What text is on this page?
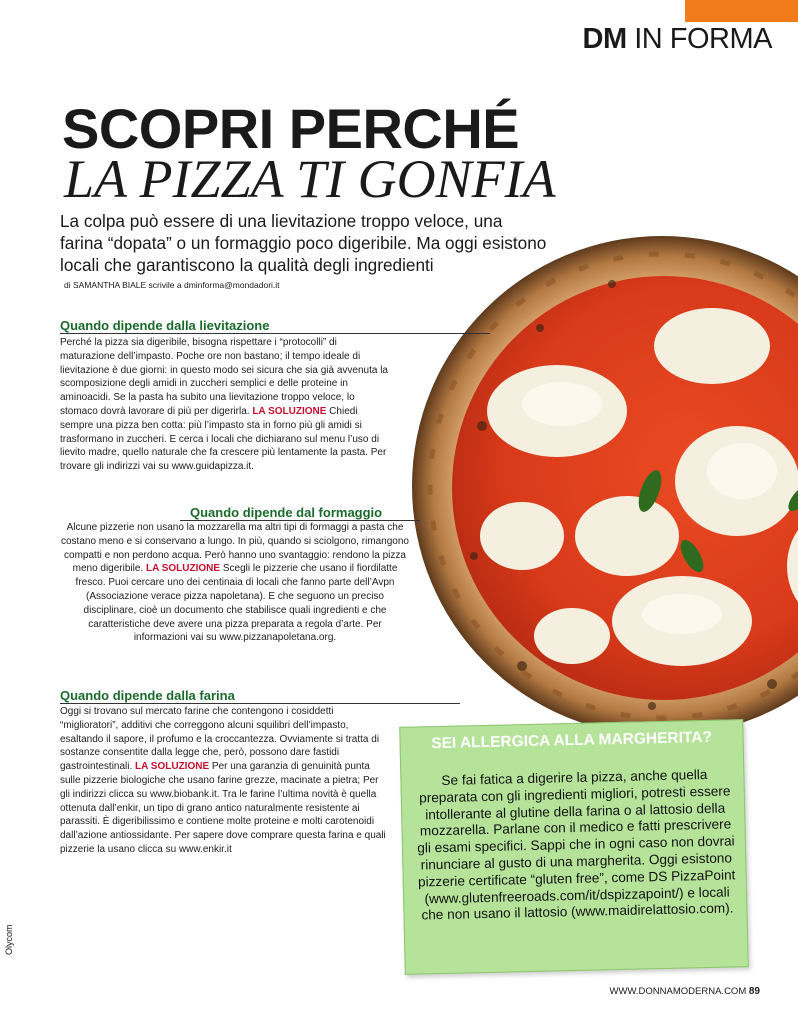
DM IN FORMA
SCOPRI PERCHÉ
LA PIZZA TI GONFIA
La colpa può essere di una lievitazione troppo veloce, una farina “dopata” o un formaggio poco digeribile. Ma oggi esistono locali che garantiscono la qualità degli ingredienti
di SAMANTHA BIALE scrivile a dminforma@mondadori.it
Quando dipende dalla lievitazione
Perché la pizza sia digeribile, bisogna rispettare i “protocolli” di maturazione dell’impasto. Poche ore non bastano; il tempo ideale di lievitazione è due giorni: in questo modo sei sicura che sia già avvenuta la scomposizione degli amidi in zuccheri semplici e delle proteine in aminoacidi. Se la pasta ha subito una lievitazione troppo veloce, lo stomaco dovrà lavorare di più per digerirla. LA SOLUZIONE Chiedi sempre una pizza ben cotta: più l’impasto sta in forno più gli amidi si trasformano in zuccheri. E cerca i locali che dichiarano sul menu l’uso di lievito madre, quello naturale che fa crescere più lentamente la pasta. Per trovare gli indirizzi vai su www.guidapizza.it.
Quando dipende dal formaggio
Alcune pizzerie non usano la mozzarella ma altri tipi di formaggi a pasta che costano meno e si conservano a lungo. In più, quando si sciolgono, rimangono compatti e non perdono acqua. Però hanno uno svantaggio: rendono la pizza meno digeribile. LA SOLUZIONE Scegli le pizzerie che usano il fiordilatte fresco. Puoi cercare uno dei centinaia di locali che fanno parte dell’Avpn (Associazione verace pizza napoletana). E che seguono un preciso disciplinare, cioè un documento che stabilisce quali ingredienti e che caratteristiche deve avere una pizza preparata a regola d’arte. Per informazioni vai su www.pizzanapoletana.org.
Quando dipende dalla farina
Oggi si trovano sul mercato farine che contengono i cosiddetti “miglioratori”, additivi che correggono alcuni squilibri dell’impasto, esaltando il sapore, il profumo e la croccantezza. Ovviamente si tratta di sostanze consentite dalla legge che, però, possono dare fastidi gastrointestinali. LA SOLUZIONE Per una garanzia di genuinità punta sulle pizzerie biologiche che usano farine grezze, macinate a pietra; Per gli indirizzi clicca su www.biobank.it. Tra le farine l’ultima novità è quella ottenuta dall’enkir, un tipo di grano antico naturalmente resistente ai parassiti. È digeribilissimo e contiene molte proteine e molti carotenoidi dall’azione antiossidante. Per sapere dove comprare questa farina e quali pizzerie la usano clicca su www.enkir.it
SEI ALLERGICA ALLA MARGHERITA?
Se fai fatica a digerire la pizza, anche quella preparata con gli ingredienti migliori, potresti essere intollerante al glutine della farina o al lattosio della mozzarella. Parlane con il medico e fatti prescrivere gli esami specifici. Sappi che in ogni caso non dovrai rinunciare al gusto di una margherita. Oggi esistono pizzerie certificate “gluten free”, come DS PizzaPoint (www.glutenfreeroads.com/it/dspizzapoint/) e locali che non usano il lattosio (www.maidirelattosio.com).
Olycom
WWW.DONNAMODERNA.COM 89
